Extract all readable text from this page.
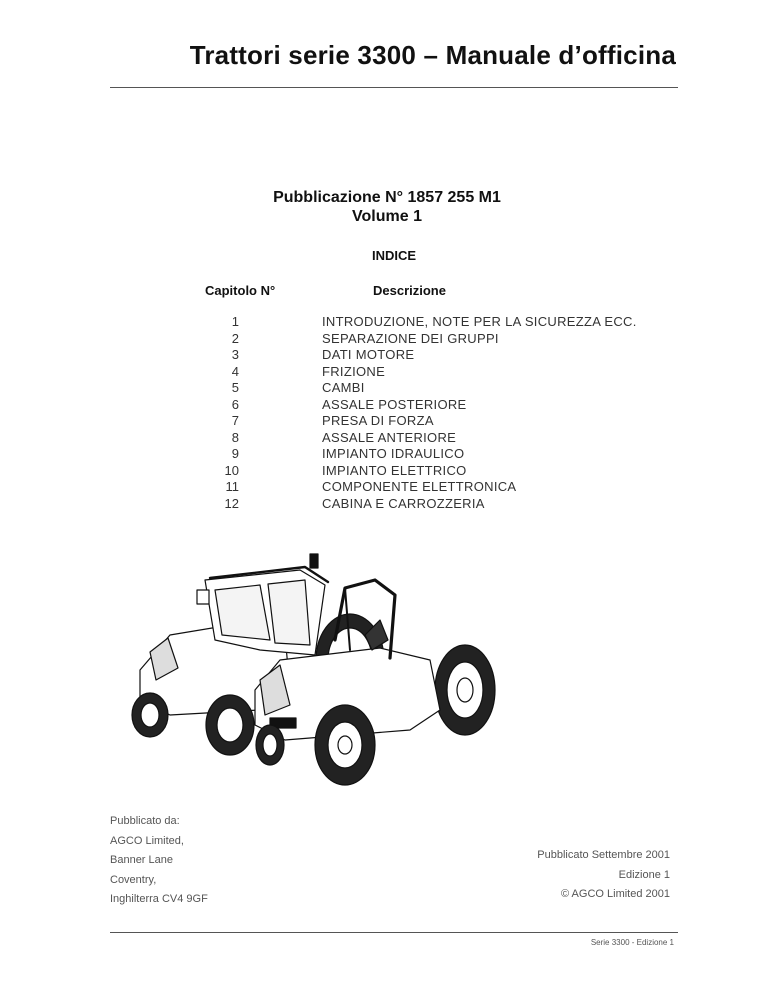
Trattori serie 3300 – Manuale d’officina
Pubblicazione N° 1857 255 M1
Volume 1
INDICE
Capitolo N°	Descrizione
1	INTRODUZIONE, NOTE PER LA SICUREZZA ECC.
2	SEPARAZIONE DEI GRUPPI
3	DATI MOTORE
4	FRIZIONE
5	CAMBI
6	ASSALE POSTERIORE
7	PRESA DI FORZA
8	ASSALE ANTERIORE
9	IMPIANTO IDRAULICO
10	IMPIANTO ELETTRICO
11	COMPONENTE ELETTRONICA
12	CABINA E CARROZZERIA
Pubblicato da:
AGCO Limited,
Banner Lane
Coventry,
Inghilterra CV4 9GF
Pubblicato Settembre 2001
Edizione 1
© AGCO Limited 2001
Serie 3300 - Edizione 1
